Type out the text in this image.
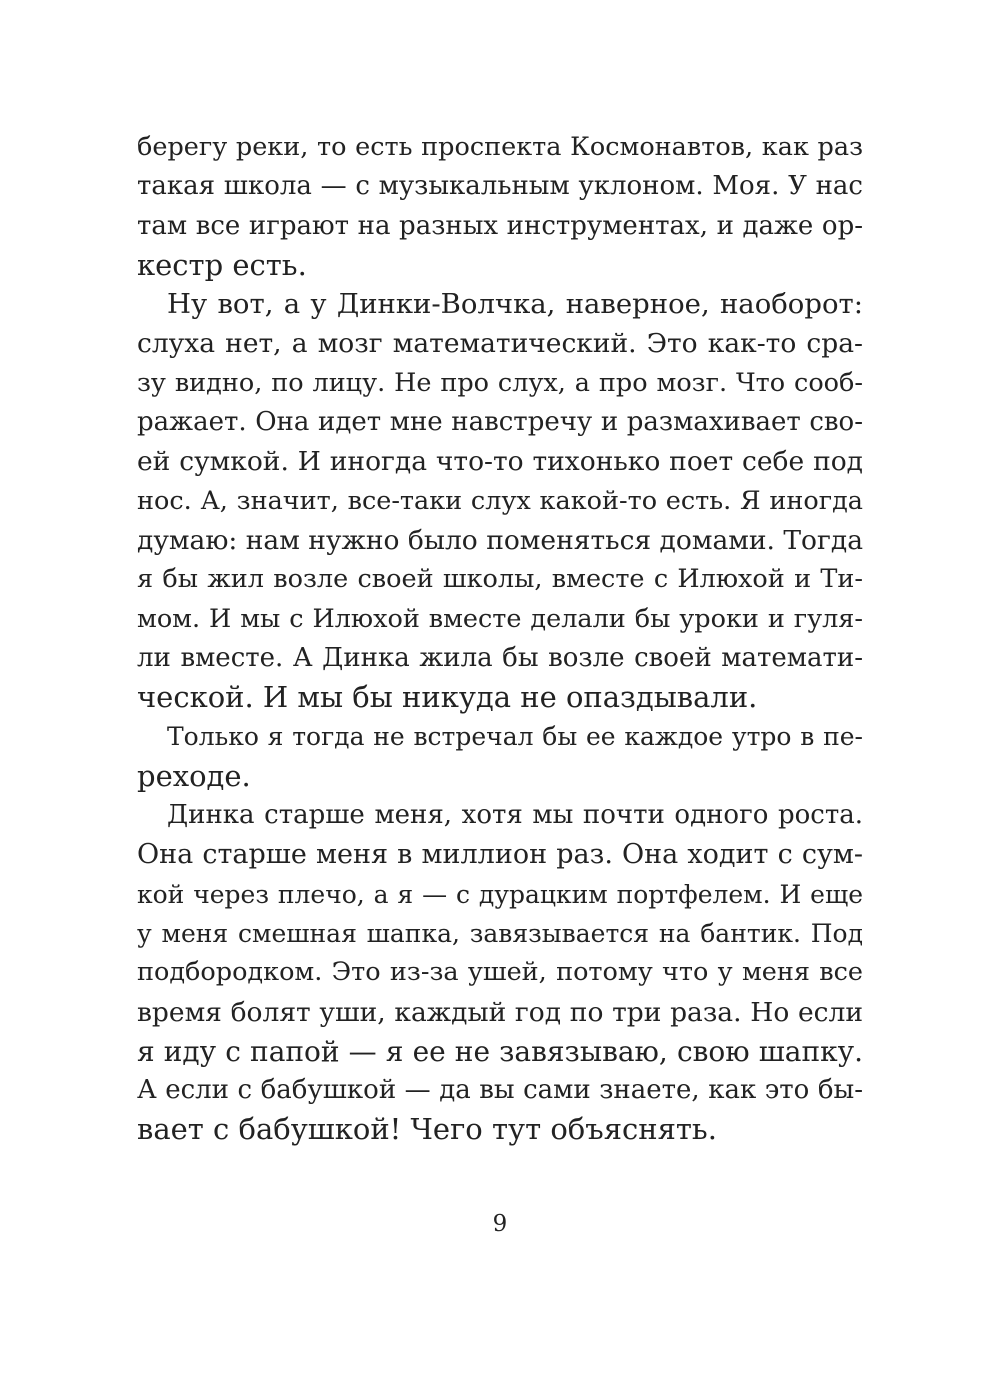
берегу реки, то есть проспекта Космонавтов, как раз
такая школа — с музыкальным уклоном. Моя. У нас
там все играют на разных инструментах, и даже ор-
кестр есть.
Ну вот, а у Динки-Волчка, наверное, наоборот:
слуха нет, а мозг математический. Это как-то сра-
зу видно, по лицу. Не про слух, а про мозг. Что сооб-
ражает. Она идет мне навстречу и размахивает сво-
ей сумкой. И иногда что-то тихонько поет себе под
нос. А, значит, все-таки слух какой-то есть. Я иногда
думаю: нам нужно было поменяться домами. Тогда
я бы жил возле своей школы, вместе с Илюхой и Ти-
мом. И мы с Илюхой вместе делали бы уроки и гуля-
ли вместе. А Динка жила бы возле своей математи-
ческой. И мы бы никуда не опаздывали.
Только я тогда не встречал бы ее каждое утро в пе-
реходе.
Динка старше меня, хотя мы почти одного роста.
Она старше меня в миллион раз. Она ходит с сум-
кой через плечо, а я — с дурацким портфелем. И еще
у меня смешная шапка, завязывается на бантик. Под
подбородком. Это из-за ушей, потому что у меня все
время болят уши, каждый год по три раза. Но если
я иду с папой — я ее не завязываю, свою шапку.
А если с бабушкой — да вы сами знаете, как это бы-
вает с бабушкой! Чего тут объяснять.
9
